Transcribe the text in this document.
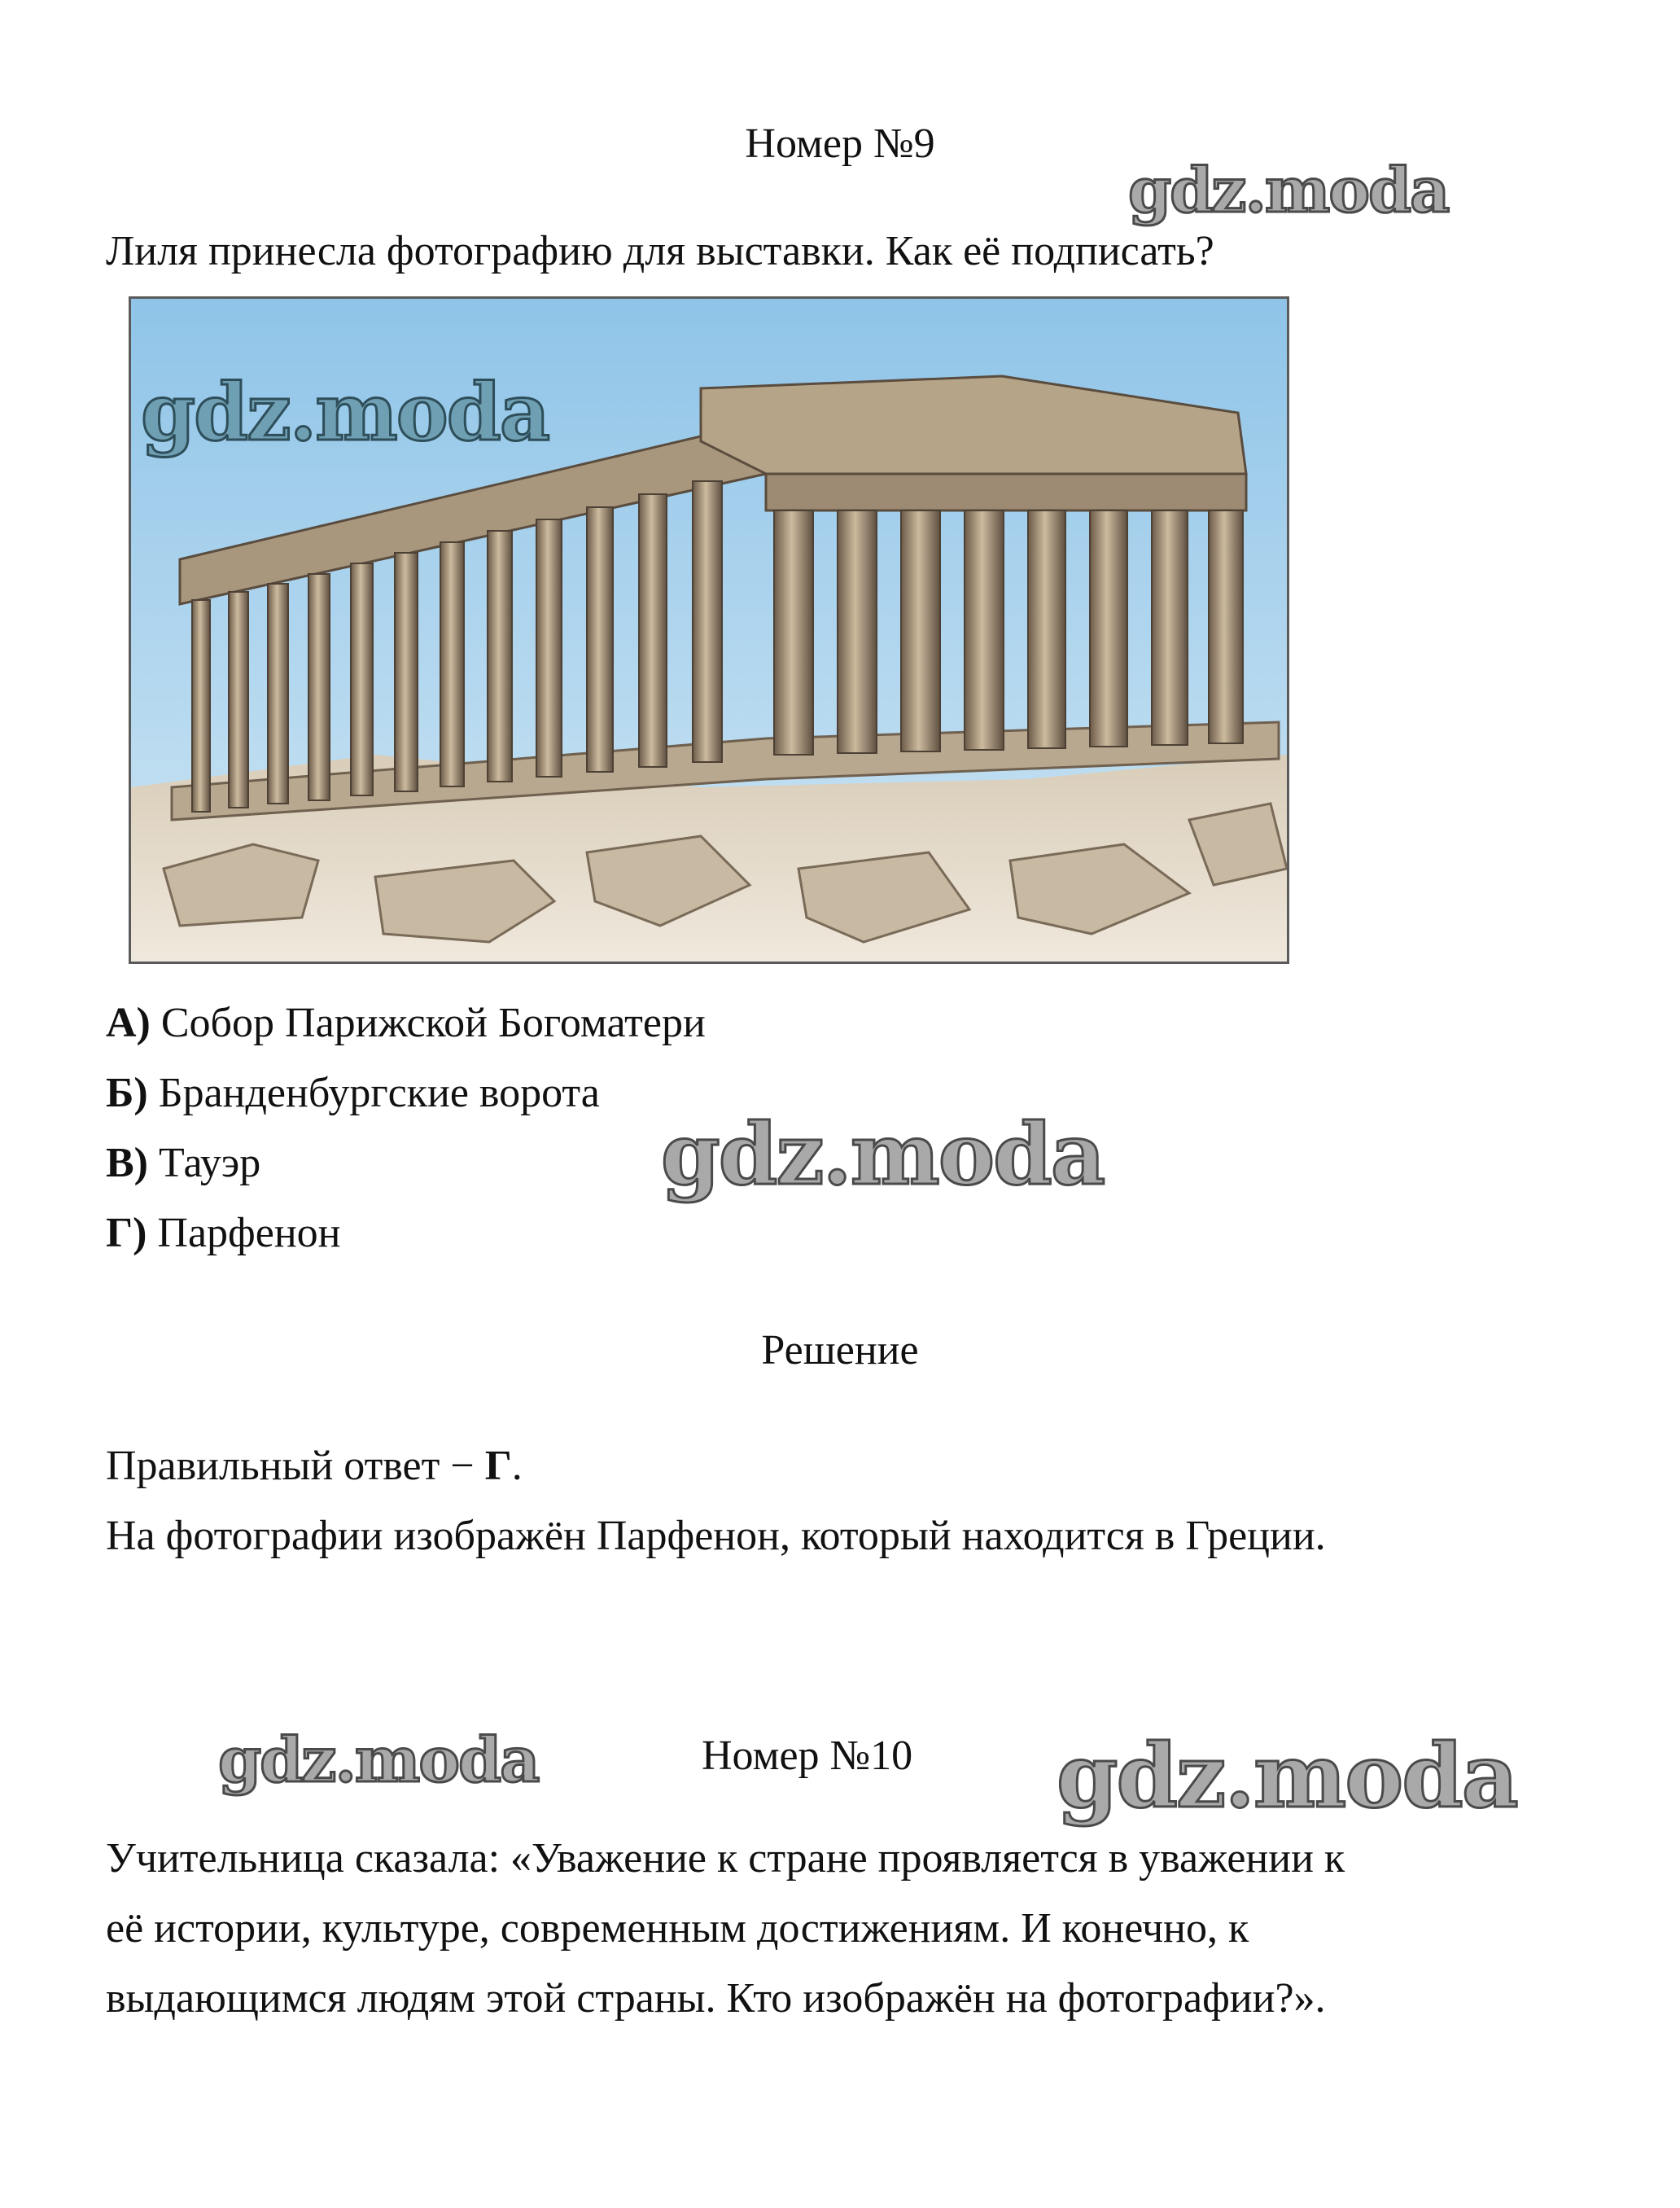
Номер №9
gdz.moda
Лиля принесла фотографию для выставки. Как её подписать?
gdz.moda
А) Собор Парижской Богоматери
Б) Бранденбургские ворота
В) Тауэр
Г) Парфенон
gdz.moda
Решение
Правильный ответ − Г.
На фотографии изображён Парфенон, который находится в Греции.
gdz.moda	Номер №10 gdz.moda
Учительница сказала: «Уважение к стране проявляется в уважении к
её истории, культуре, современным достижениям. И конечно, к
выдающимся людям этой страны. Кто изображён на фотографии?».
